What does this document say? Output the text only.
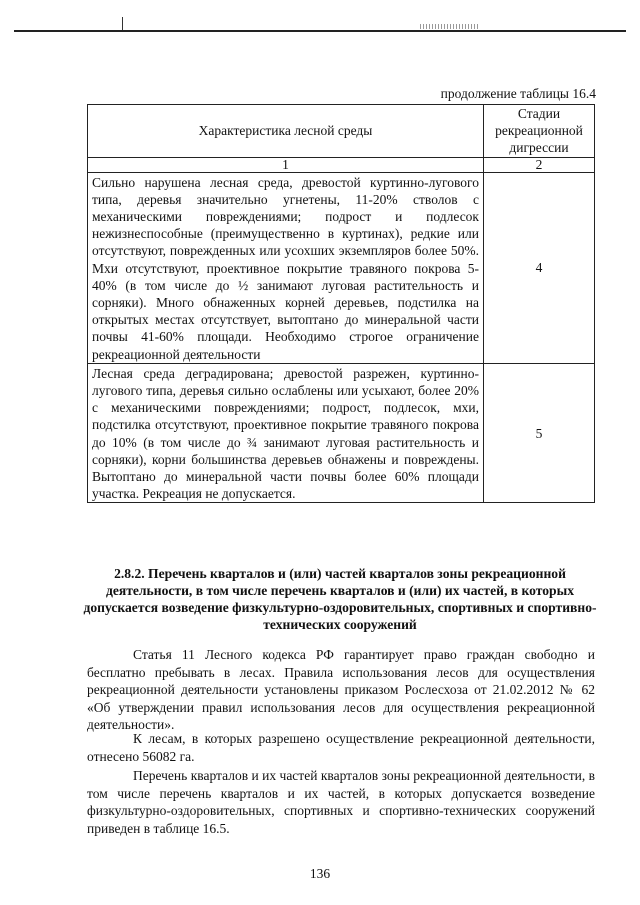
продолжение таблицы 16.4
Характеристика лесной среды	Стадии рекреационной дигрессии
1	2
Сильно нарушена лесная среда, древостой куртинно-лугового типа, деревья значительно угнетены, 11-20% стволов с механическими повреждениями; подрост и подлесок нежизнеспособные (преимущественно в куртинах), редкие или отсутствуют, поврежденных или усохших экземпляров более 50%. Мхи отсутствуют, проективное покрытие травяного покрова 5-40% (в том числе до ½ занимают луговая растительность и сорняки). Много обнаженных корней деревьев, подстилка на открытых местах отсутствует, вытоптано до минеральной части почвы 41-60% площади. Необходимо строгое ограничение рекреационной деятельности	4
Лесная среда деградирована; древостой разрежен, куртинно-лугового типа, деревья сильно ослаблены или усыхают, более 20% с механическими повреждениями; подрост, подлесок, мхи, подстилка отсутствуют, проективное покрытие травяного покрова до 10% (в том числе до ¾ занимают луговая растительность и сорняки), корни большинства деревьев обнажены и повреждены. Вытоптано до минеральной части почвы более 60% площади участка. Рекреация не допускается.	5
2.8.2. Перечень кварталов и (или) частей кварталов зоны рекреационной деятельности, в том числе перечень кварталов и (или) их частей, в которых допускается возведение физкультурно-оздоровительных, спортивных и спортивно-технических сооружений

Статья 11 Лесного кодекса РФ гарантирует право граждан свободно и бесплатно пребывать в лесах. Правила использования лесов для осуществления рекреационной деятельности установлены приказом Рослесхоза от 21.02.2012 № 62 «Об утверждении правил использования лесов для осуществления рекреационной деятельности».

К лесам, в которых разрешено осуществление рекреационной деятельности, отнесено 56082 га.

Перечень кварталов и их частей кварталов зоны рекреационной деятельности, в том числе перечень кварталов и их частей, в которых допускается возведение физкультурно-оздоровительных, спортивных и спортивно-технических сооружений приведен в таблице 16.5.

136
